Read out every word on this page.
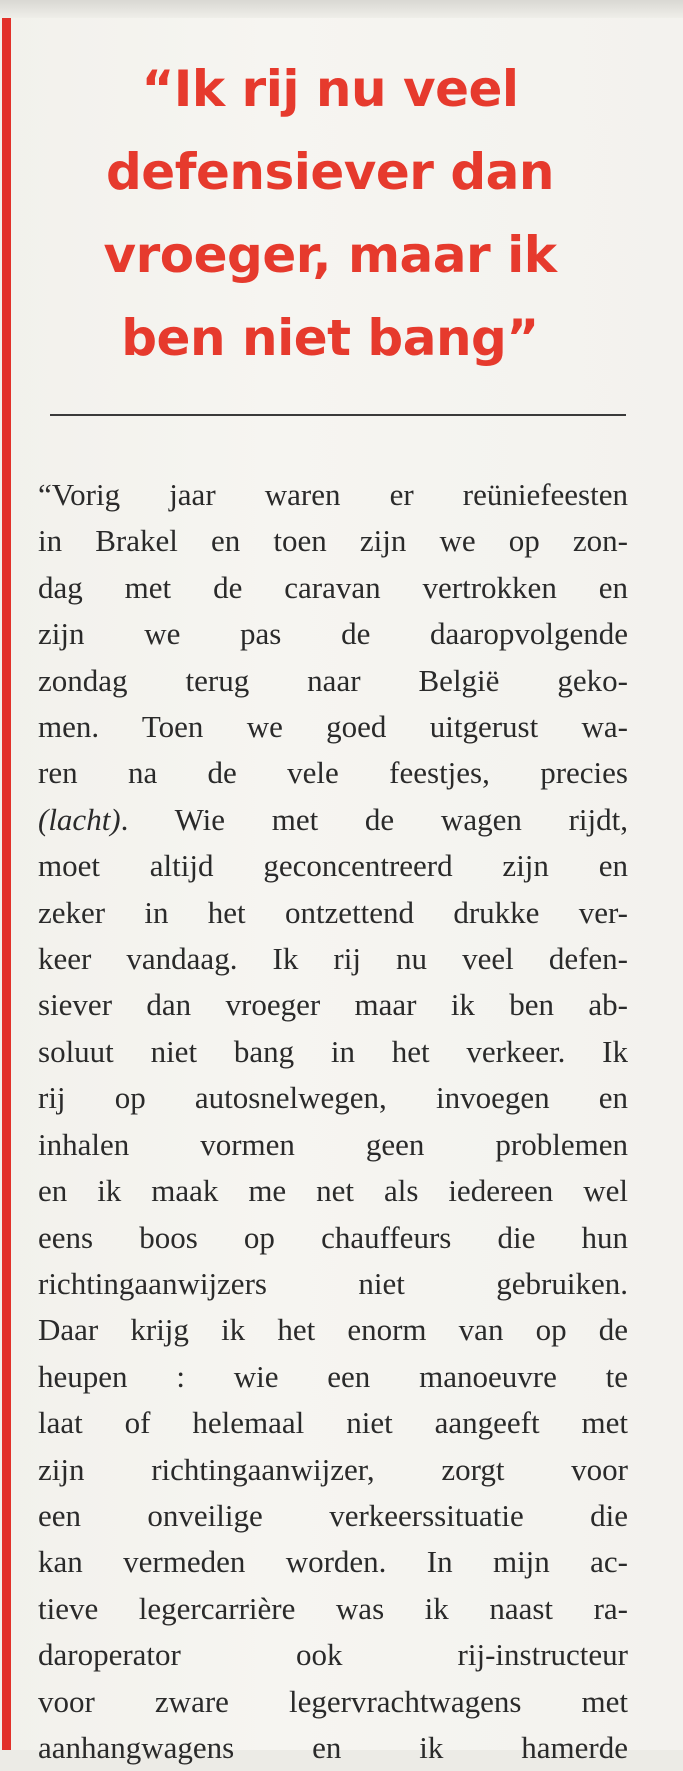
“Ik rij nu veel
defensiever dan
vroeger, maar ik
ben niet bang”
“Vorig jaar waren er reüniefeesten
in Brakel en toen zijn we op zon-
dag met de caravan vertrokken en
zijn we pas de daaropvolgende
zondag terug naar België geko-
men. Toen we goed uitgerust wa-
ren na de vele feestjes, precies
(lacht). Wie met de wagen rijdt,
moet altijd geconcentreerd zijn en
zeker in het ontzettend drukke ver-
keer vandaag. Ik rij nu veel defen-
siever dan vroeger maar ik ben ab-
soluut niet bang in het verkeer. Ik
rij op autosnelwegen, invoegen en
inhalen vormen geen problemen
en ik maak me net als iedereen wel
eens boos op chauffeurs die hun
richtingaanwijzers niet gebruiken.
Daar krijg ik het enorm van op de
heupen : wie een manoeuvre te
laat of helemaal niet aangeeft met
zijn richtingaanwijzer, zorgt voor
een onveilige verkeerssituatie die
kan vermeden worden. In mijn ac-
tieve legercarrière was ik naast ra-
daroperator ook rij-instructeur
voor zware legervrachtwagens met
aanhangwagens en ik hamerde
